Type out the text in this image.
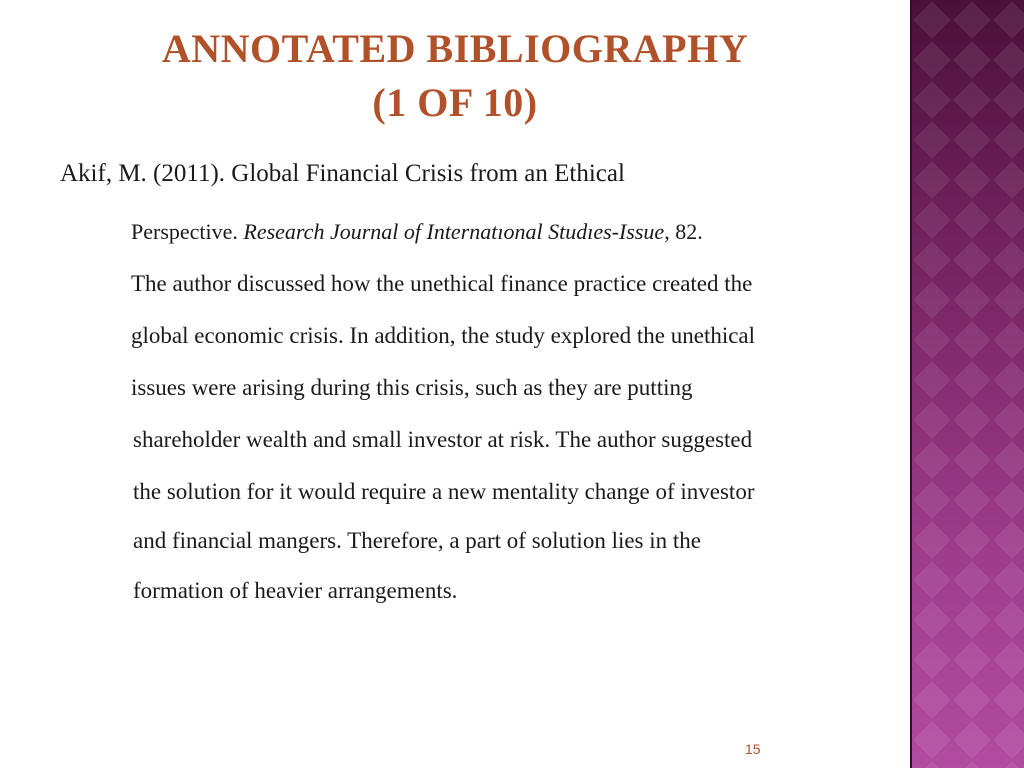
ANNOTATED BIBLIOGRAPHY
(1 OF 10)
Akif, M. (2011). Global Financial Crisis from an Ethical
Perspective. Research Journal of Internatıonal Studıes-Issue, 82.
The author discussed how the unethical finance practice created the
global economic crisis. In addition, the study explored the unethical
issues were arising during this crisis, such as they are putting
shareholder wealth and small investor at risk. The author suggested
the solution for it would require a new mentality change of investor
and financial mangers. Therefore, a part of solution lies in the
formation of heavier arrangements.
15
